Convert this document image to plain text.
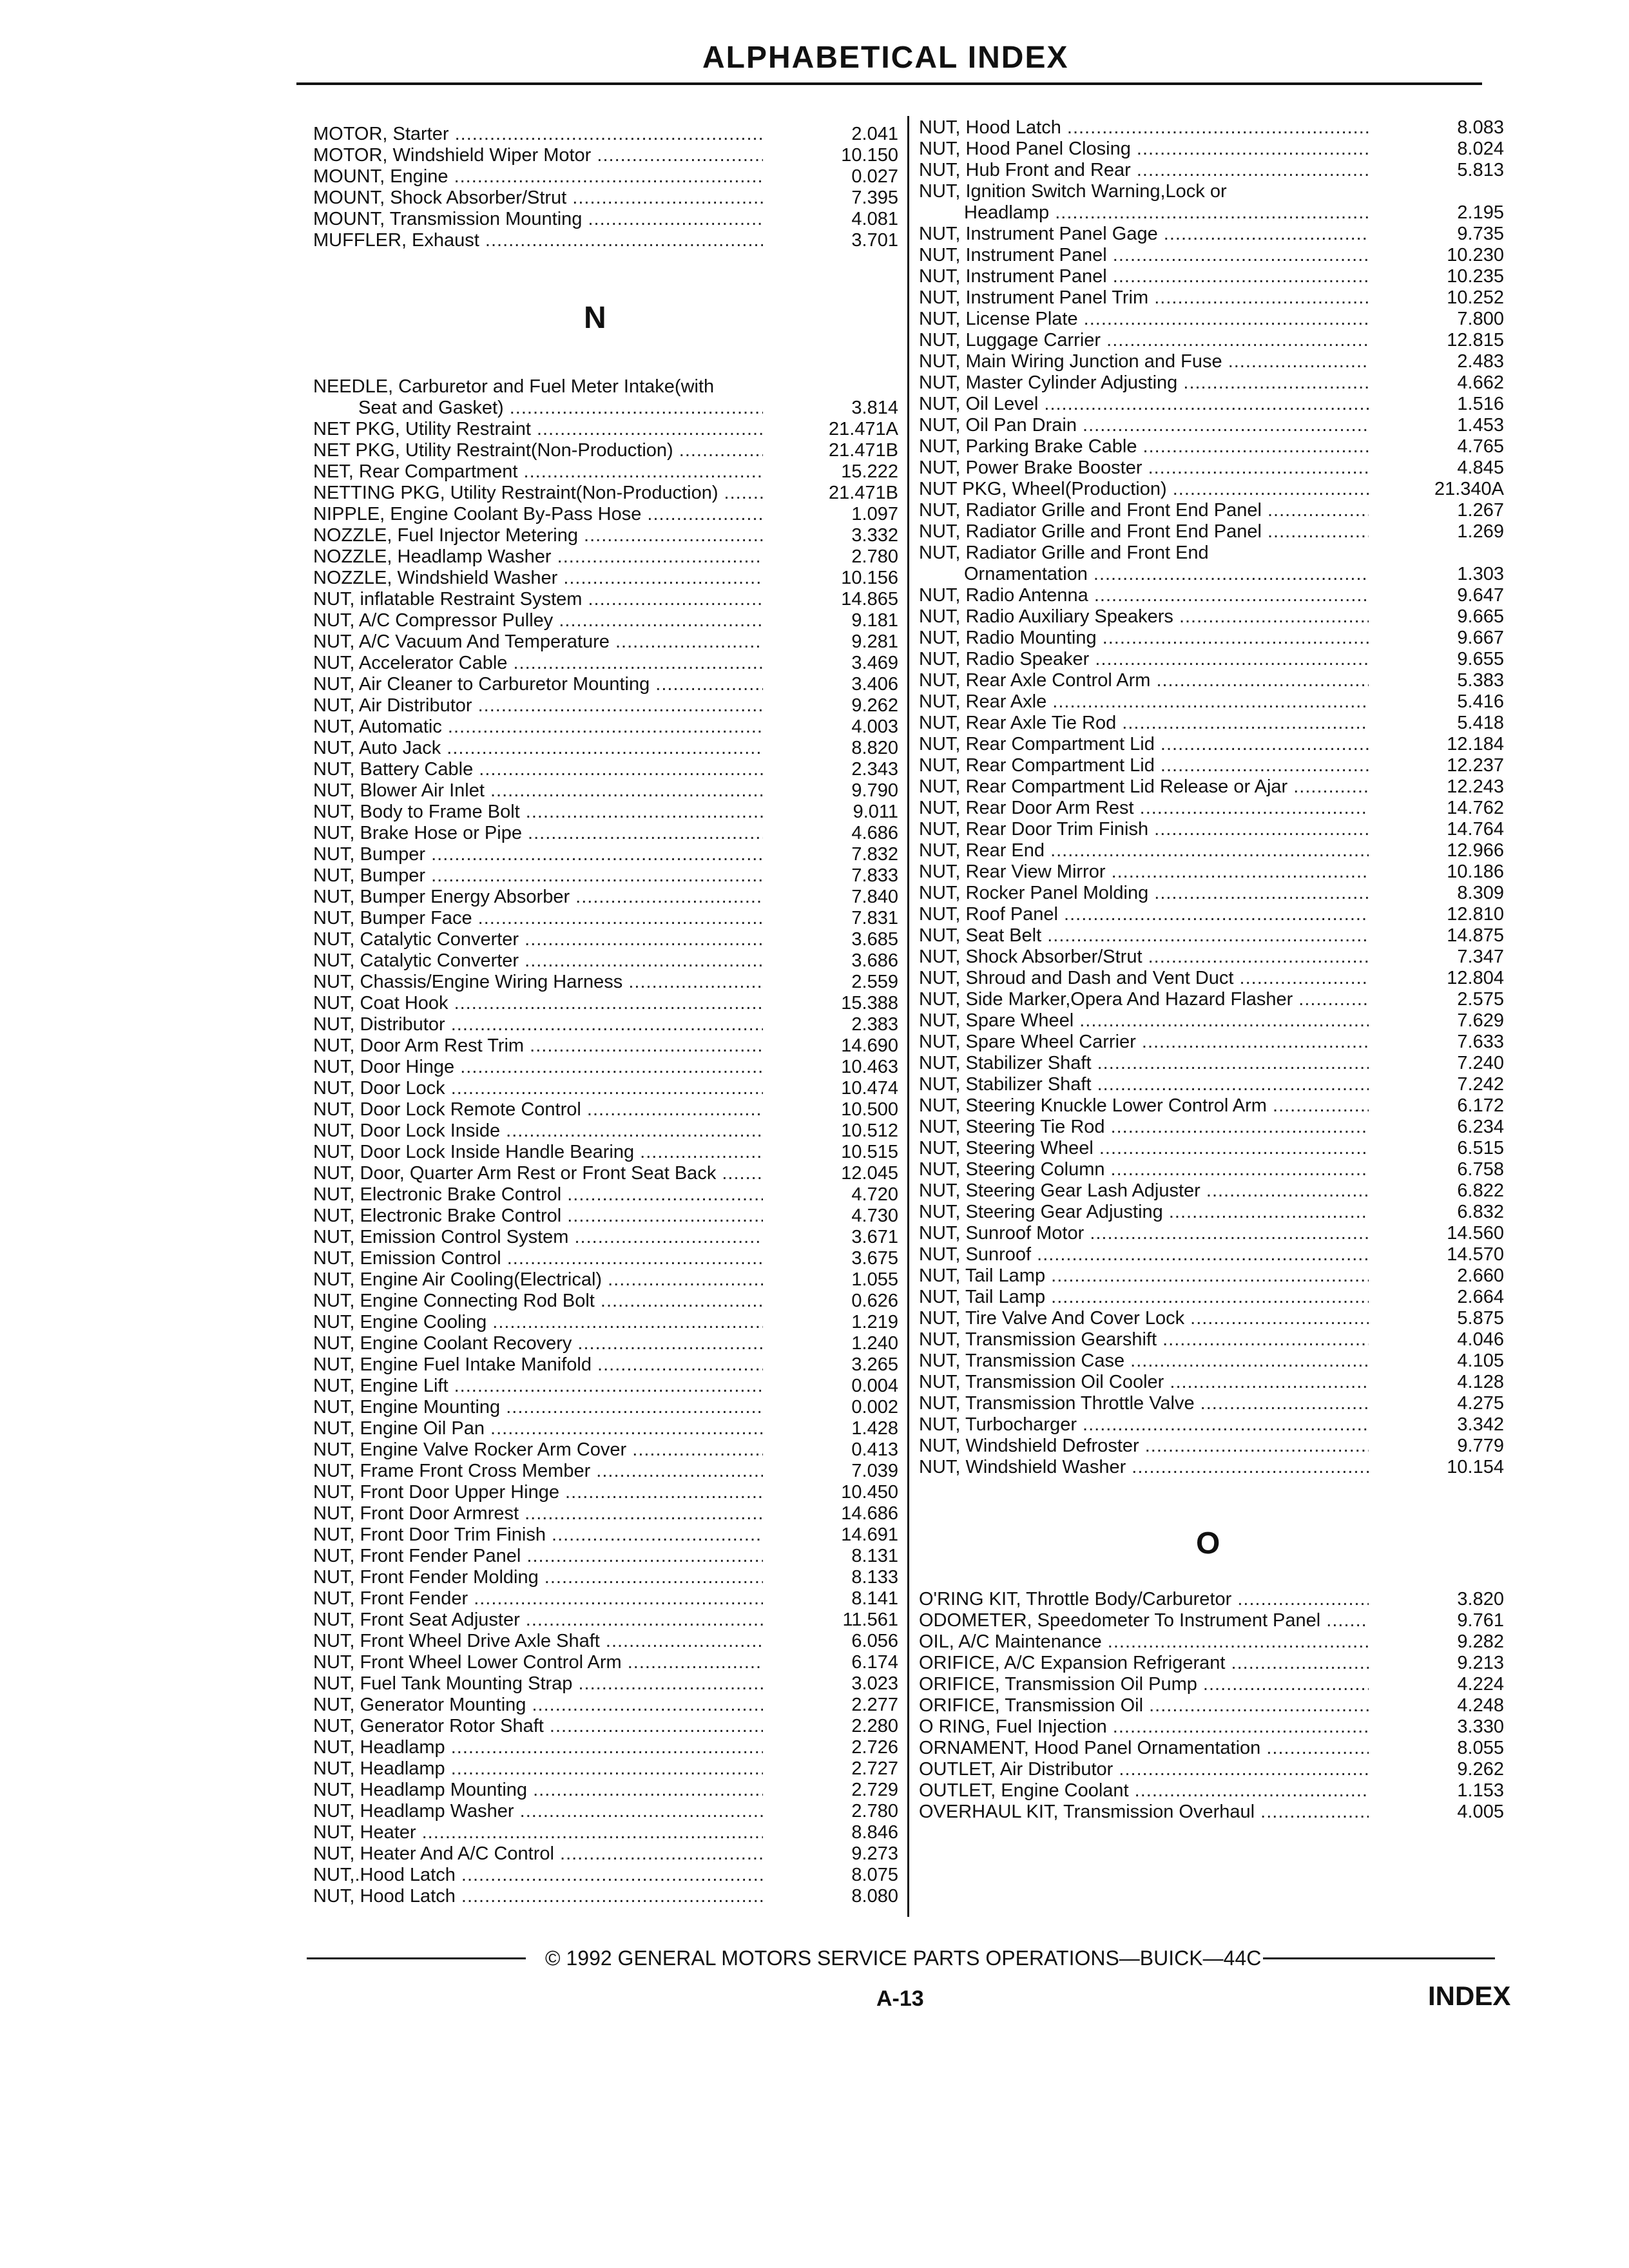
ALPHABETICAL INDEX
MOTOR, Starter .....	2.041
MOTOR, Windshield Wiper Motor .....	10.150
MOUNT, Engine .....	0.027
MOUNT, Shock Absorber/Strut .....	7.395
MOUNT, Transmission Mounting .....	4.081
MUFFLER, Exhaust .....	3.701
NEEDLE, Carburetor and Fuel Meter Intake(with
Seat and Gasket) .....	3.814
NET PKG, Utility Restraint .....	21.471A
NET PKG, Utility Restraint(Non-Production) .....	21.471B
NET, Rear Compartment .....	15.222
NETTING PKG, Utility Restraint(Non-Production) .....	21.471B
NIPPLE, Engine Coolant By-Pass Hose .....	1.097
NOZZLE, Fuel Injector Metering .....	3.332
NOZZLE, Headlamp Washer .....	2.780
NOZZLE, Windshield Washer .....	10.156
NUT, inflatable Restraint System .....	14.865
NUT, A/C Compressor Pulley .....	9.181
NUT, A/C Vacuum And Temperature .....	9.281
NUT, Accelerator Cable .....	3.469
NUT, Air Cleaner to Carburetor Mounting .....	3.406
NUT, Air Distributor .....	9.262
NUT, Automatic .....	4.003
NUT, Auto Jack .....	8.820
NUT, Battery Cable .....	2.343
NUT, Blower Air Inlet .....	9.790
NUT, Body to Frame Bolt .....	9.011
NUT, Brake Hose or Pipe .....	4.686
NUT, Bumper .....	7.832
NUT, Bumper .....	7.833
NUT, Bumper Energy Absorber .....	7.840
NUT, Bumper Face .....	7.831
NUT, Catalytic Converter .....	3.685
NUT, Catalytic Converter .....	3.686
NUT, Chassis/Engine Wiring Harness .....	2.559
NUT, Coat Hook .....	15.388
NUT, Distributor .....	2.383
NUT, Door Arm Rest Trim .....	14.690
NUT, Door Hinge .....	10.463
NUT, Door Lock .....	10.474
NUT, Door Lock Remote Control .....	10.500
NUT, Door Lock Inside .....	10.512
NUT, Door Lock Inside Handle Bearing .....	10.515
NUT, Door, Quarter Arm Rest or Front Seat Back .....	12.045
NUT, Electronic Brake Control .....	4.720
NUT, Electronic Brake Control .....	4.730
NUT, Emission Control System .....	3.671
NUT, Emission Control .....	3.675
NUT, Engine Air Cooling(Electrical) .....	1.055
NUT, Engine Connecting Rod Bolt .....	0.626
NUT, Engine Cooling .....	1.219
NUT, Engine Coolant Recovery .....	1.240
NUT, Engine Fuel Intake Manifold .....	3.265
NUT, Engine Lift .....	0.004
NUT, Engine Mounting .....	0.002
NUT, Engine Oil Pan .....	1.428
NUT, Engine Valve Rocker Arm Cover .....	0.413
NUT, Frame Front Cross Member .....	7.039
NUT, Front Door Upper Hinge .....	10.450
NUT, Front Door Armrest .....	14.686
NUT, Front Door Trim Finish .....	14.691
NUT, Front Fender Panel .....	8.131
NUT, Front Fender Molding .....	8.133
NUT, Front Fender .....	8.141
NUT, Front Seat Adjuster .....	11.561
NUT, Front Wheel Drive Axle Shaft .....	6.056
NUT, Front Wheel Lower Control Arm .....	6.174
NUT, Fuel Tank Mounting Strap .....	3.023
NUT, Generator Mounting .....	2.277
NUT, Generator Rotor Shaft .....	2.280
NUT, Headlamp .....	2.726
NUT, Headlamp .....	2.727
NUT, Headlamp Mounting .....	2.729
NUT, Headlamp Washer .....	2.780
NUT, Heater .....	8.846
NUT, Heater And A/C Control .....	9.273
NUT,.Hood Latch .....	8.075
NUT, Hood Latch .....	8.080
N
NUT, Hood Latch .....	8.083
NUT, Hood Panel Closing .....	8.024
NUT, Hub Front and Rear .....	5.813
NUT, Ignition Switch Warning,Lock or
Headlamp .....	2.195
NUT, Instrument Panel Gage .....	9.735
NUT, Instrument Panel .....	10.230
NUT, Instrument Panel .....	10.235
NUT, Instrument Panel Trim .....	10.252
NUT, License Plate .....	7.800
NUT, Luggage Carrier .....	12.815
NUT, Main Wiring Junction and Fuse .....	2.483
NUT, Master Cylinder Adjusting .....	4.662
NUT, Oil Level .....	1.516
NUT, Oil Pan Drain .....	1.453
NUT, Parking Brake Cable .....	4.765
NUT, Power Brake Booster .....	4.845
NUT PKG, Wheel(Production) .....	21.340A
NUT, Radiator Grille and Front End Panel .....	1.267
NUT, Radiator Grille and Front End Panel .....	1.269
NUT, Radiator Grille and Front End
Ornamentation .....	1.303
NUT, Radio Antenna .....	9.647
NUT, Radio Auxiliary Speakers .....	9.665
NUT, Radio Mounting .....	9.667
NUT, Radio Speaker .....	9.655
NUT, Rear Axle Control Arm .....	5.383
NUT, Rear Axle .....	5.416
NUT, Rear Axle Tie Rod .....	5.418
NUT, Rear Compartment Lid .....	12.184
NUT, Rear Compartment Lid .....	12.237
NUT, Rear Compartment Lid Release or Ajar .....	12.243
NUT, Rear Door Arm Rest .....	14.762
NUT, Rear Door Trim Finish .....	14.764
NUT, Rear End .....	12.966
NUT, Rear View Mirror .....	10.186
NUT, Rocker Panel Molding .....	8.309
NUT, Roof Panel .....	12.810
NUT, Seat Belt .....	14.875
NUT, Shock Absorber/Strut .....	7.347
NUT, Shroud and Dash and Vent Duct .....	12.804
NUT, Side Marker,Opera And Hazard Flasher .....	2.575
NUT, Spare Wheel .....	7.629
NUT, Spare Wheel Carrier .....	7.633
NUT, Stabilizer Shaft .....	7.240
NUT, Stabilizer Shaft .....	7.242
NUT, Steering Knuckle Lower Control Arm .....	6.172
NUT, Steering Tie Rod .....	6.234
NUT, Steering Wheel .....	6.515
NUT, Steering Column .....	6.758
NUT, Steering Gear Lash Adjuster .....	6.822
NUT, Steering Gear Adjusting .....	6.832
NUT, Sunroof Motor .....	14.560
NUT, Sunroof .....	14.570
NUT, Tail Lamp .....	2.660
NUT, Tail Lamp .....	2.664
NUT, Tire Valve And Cover Lock .....	5.875
NUT, Transmission Gearshift .....	4.046
NUT, Transmission Case .....	4.105
NUT, Transmission Oil Cooler .....	4.128
NUT, Transmission Throttle Valve .....	4.275
NUT, Turbocharger .....	3.342
NUT, Windshield Defroster .....	9.779
NUT, Windshield Washer .....	10.154
O'RING KIT, Throttle Body/Carburetor .....	3.820
ODOMETER, Speedometer To Instrument Panel .....	9.761
OIL, A/C Maintenance .....	9.282
ORIFICE, A/C Expansion Refrigerant .....	9.213
ORIFICE, Transmission Oil Pump .....	4.224
ORIFICE, Transmission Oil .....	4.248
O RING, Fuel Injection .....	3.330
ORNAMENT, Hood Panel Ornamentation .....	8.055
OUTLET, Air Distributor .....	9.262
OUTLET, Engine Coolant .....	1.153
OVERHAUL KIT, Transmission Overhaul .....	4.005
O
© 1992 GENERAL MOTORS SERVICE PARTS OPERATIONS—BUICK—44C
A-13	INDEX
